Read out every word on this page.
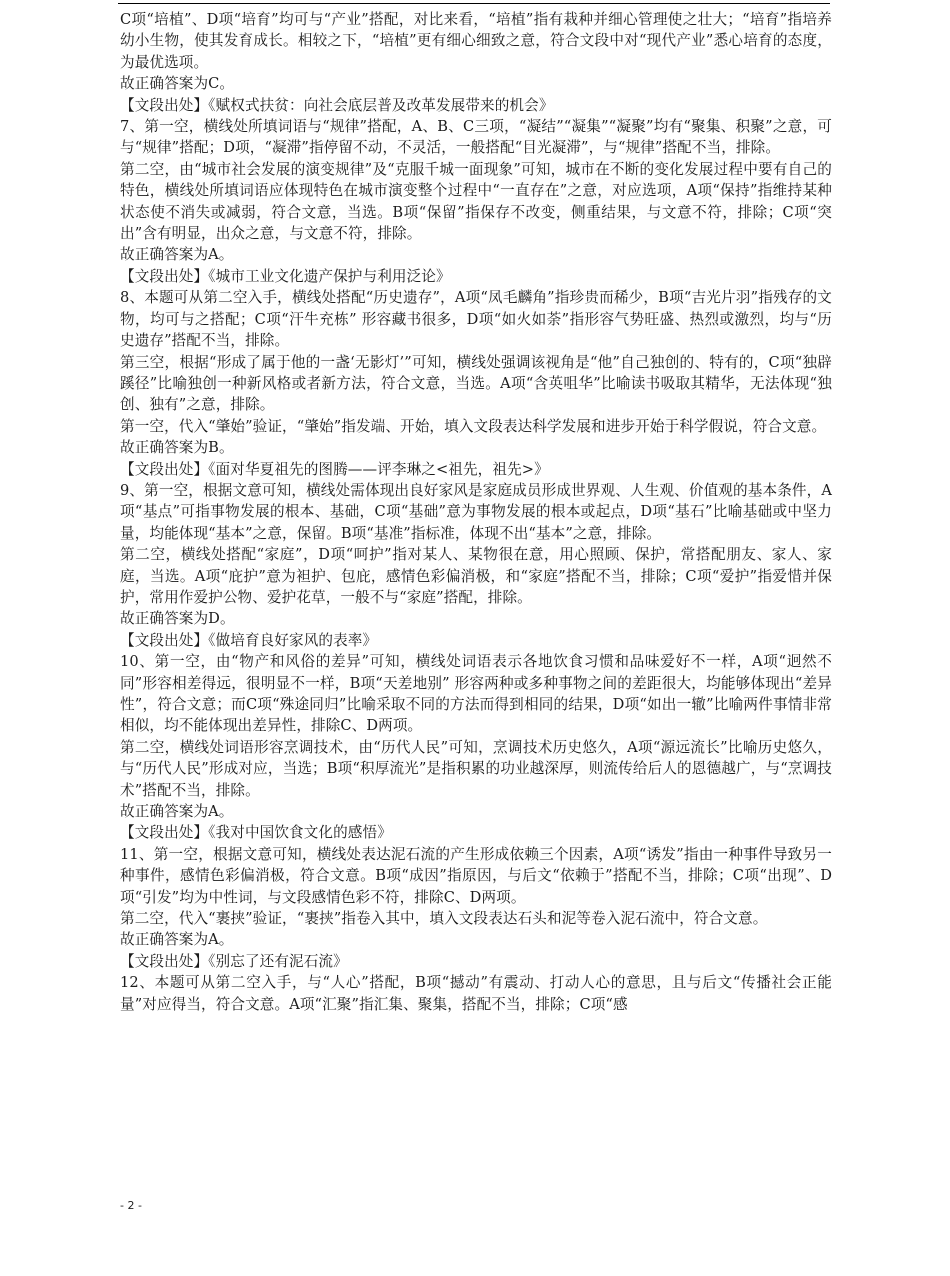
C项“培植”、D项“培育”均可与“产业”搭配，对比来看，“培植”指有栽种并细心管理使之壮大；“培育”指培养幼小生物，使其发育成长。相较之下，“培植”更有细心细致之意，符合文段中对“现代产业”悉心培育的态度，为最优选项。

故正确答案为C。

【文段出处】《赋权式扶贫：向社会底层普及改革发展带来的机会》

7、第一空，横线处所填词语与“规律”搭配，A、B、C三项，“凝结”“凝集”“凝聚”均有“聚集、积聚”之意，可与“规律”搭配；D项，“凝滞”指停留不动，不灵活，一般搭配“目光凝滞”，与“规律”搭配不当，排除。

第二空，由“城市社会发展的演变规律”及“克服千城一面现象”可知，城市在不断的变化发展过程中要有自己的特色，横线处所填词语应体现特色在城市演变整个过程中“一直存在”之意，对应选项，A项“保持”指维持某种状态使不消失或减弱，符合文意，当选。B项“保留”指保存不改变，侧重结果，与文意不符，排除；C项“突出”含有明显，出众之意，与文意不符，排除。

故正确答案为A。

【文段出处】《城市工业文化遗产保护与利用泛论》

8、本题可从第二空入手，横线处搭配“历史遗存”，A项“凤毛麟角”指珍贵而稀少，B项“吉光片羽”指残存的文物，均可与之搭配；C项“汗牛充栋” 形容藏书很多，D项“如火如荼”指形容气势旺盛、热烈或激烈，均与“历史遗存”搭配不当，排除。

第三空，根据“形成了属于他的一盏‘无影灯’”可知，横线处强调该视角是“他”自己独创的、特有的，C项“独辟蹊径”比喻独创一种新风格或者新方法，符合文意，当选。A项“含英咀华”比喻读书吸取其精华，无法体现“独创、独有”之意，排除。

第一空，代入“肇始”验证，“肇始”指发端、开始，填入文段表达科学发展和进步开始于科学假说，符合文意。

故正确答案为B。

【文段出处】《面对华夏祖先的图腾——评李琳之<祖先，祖先>》

9、第一空，根据文意可知，横线处需体现出良好家风是家庭成员形成世界观、人生观、价值观的基本条件，A项“基点”可指事物发展的根本、基础，C项“基础”意为事物发展的根本或起点，D项“基石”比喻基础或中坚力量，均能体现“基本”之意，保留。B项“基准”指标准，体现不出“基本”之意，排除。

第二空，横线处搭配“家庭”，D项“呵护”指对某人、某物很在意，用心照顾、保护，常搭配朋友、家人、家庭，当选。A项“庇护”意为袒护、包庇，感情色彩偏消极，和“家庭”搭配不当，排除；C项“爱护”指爱惜并保护，常用作爱护公物、爱护花草，一般不与“家庭”搭配，排除。

故正确答案为D。

【文段出处】《做培育良好家风的表率》

10、第一空，由“物产和风俗的差异”可知，横线处词语表示各地饮食习惯和品味爱好不一样，A项“迥然不同”形容相差得远，很明显不一样，B项“天差地别” 形容两种或多种事物之间的差距很大，均能够体现出“差异性”，符合文意；而C项“殊途同归”比喻采取不同的方法而得到相同的结果，D项“如出一辙”比喻两件事情非常相似，均不能体现出差异性，排除C、D两项。

第二空，横线处词语形容烹调技术，由“历代人民”可知，烹调技术历史悠久，A项“源远流长”比喻历史悠久，与“历代人民”形成对应，当选；B项“积厚流光”是指积累的功业越深厚，则流传给后人的恩德越广，与“烹调技术”搭配不当，排除。

故正确答案为A。

【文段出处】《我对中国饮食文化的感悟》

11、第一空，根据文意可知，横线处表达泥石流的产生形成依赖三个因素，A项“诱发”指由一种事件导致另一种事件，感情色彩偏消极，符合文意。B项“成因”指原因，与后文“依赖于”搭配不当，排除；C项“出现”、D项“引发”均为中性词，与文段感情色彩不符，排除C、D两项。

第二空，代入“裹挟”验证，“裹挟”指卷入其中，填入文段表达石头和泥等卷入泥石流中，符合文意。

故正确答案为A。

【文段出处】《别忘了还有泥石流》

12、本题可从第二空入手，与“人心”搭配，B项“撼动”有震动、打动人心的意思，且与后文“传播社会正能量”对应得当，符合文意。A项“汇聚”指汇集、聚集，搭配不当，排除；C项“感

- 2 -
